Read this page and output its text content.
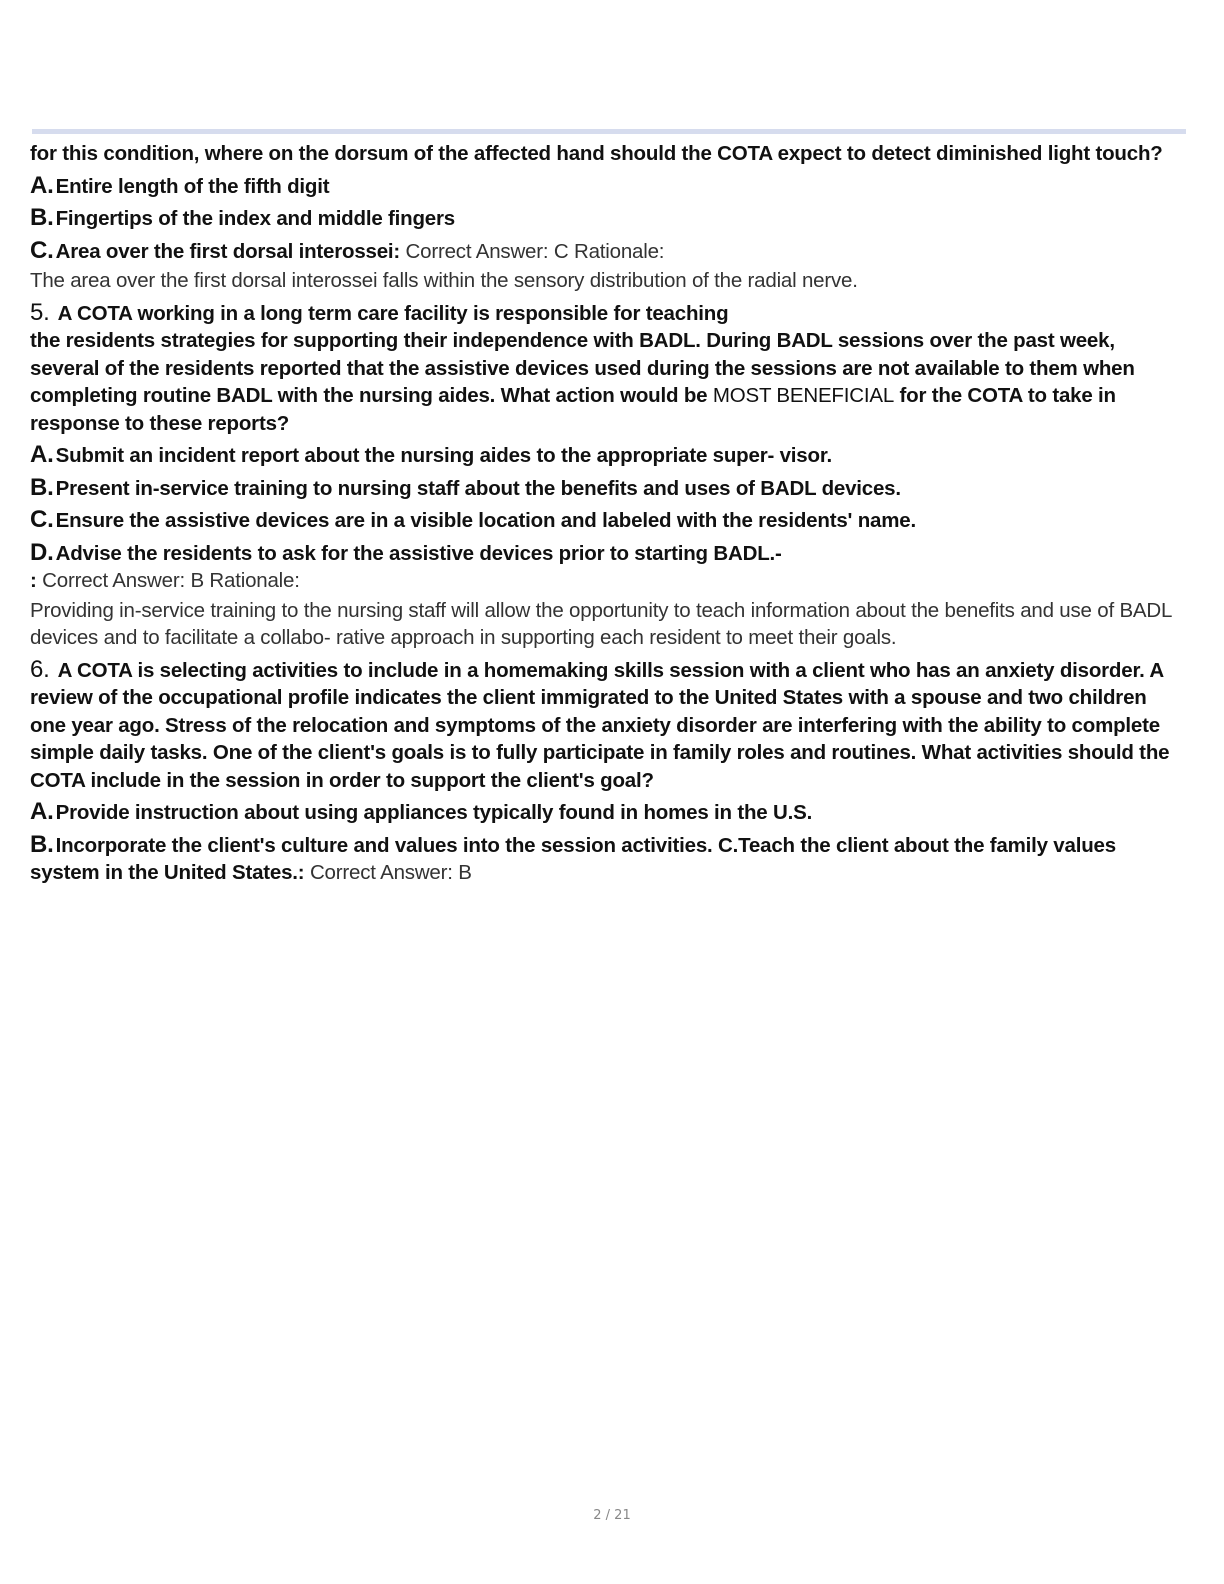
for this condition, where on the dorsum of the affected hand should the COTA expect to detect diminished light touch?

A.Entire length of the fifth digit

B.Fingertips of the index and middle fingers

C.Area over the first dorsal interossei: Correct Answer: C Rationale:

The area over the first dorsal interossei falls within the sensory distribution of the radial nerve.

5. A COTA working in a long term care facility is responsible for teaching

the residents strategies for supporting their independence with BADL. During BADL sessions over the past week, several of the residents reported that the assistive devices used during the sessions are not available to them when completing routine BADL with the nursing aides. What action would be MOST BENEFICIAL for the COTA to take in response to these reports?

A.Submit an incident report about the nursing aides to the appropriate super- visor.

B.Present in-service training to nursing staff about the benefits and uses of BADL devices.

C.Ensure the assistive devices are in a visible location and labeled with the residents' name.

D.Advise the residents to ask for the assistive devices prior to starting BADL.-

: Correct Answer: B Rationale:

Providing in-service training to the nursing staff will allow the opportunity to teach information about the benefits and use of BADL devices and to facilitate a collabo- rative approach in supporting each resident to meet their goals.

6. A COTA is selecting activities to include in a homemaking skills session with a client who has an anxiety disorder. A review of the occupational profile indicates the client immigrated to the United States with a spouse and two children one year ago. Stress of the relocation and symptoms of the anxiety disorder are interfering with the ability to complete simple daily tasks. One of the client's goals is to fully participate in family roles and routines. What activities should the COTA include in the session in order to support the client's goal?

A.Provide instruction about using appliances typically found in homes in the U.S.

B.Incorporate the client's culture and values into the session activities. C.Teach the client about the family values system in the United States.: Correct Answer: B

2 / 21
